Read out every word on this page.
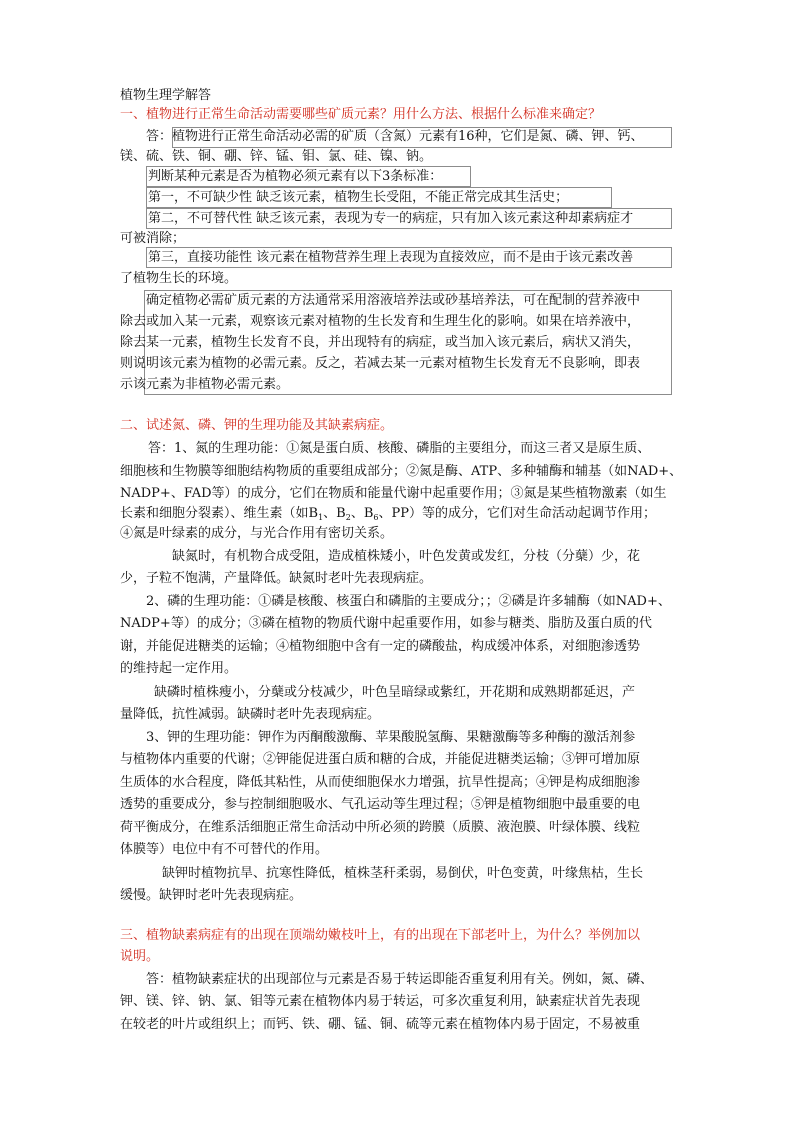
植物生理学解答
一、植物进行正常生命活动需要哪些矿质元素？用什么方法、根据什么标准来确定？
答：植物进行正常生命活动必需的矿质（含氮）元素有16种，它们是氮、磷、钾、钙、
镁、硫、铁、铜、硼、锌、锰、钼、氯、硅、镍、钠。
判断某种元素是否为植物必须元素有以下3条标准：
第一，不可缺少性 缺乏该元素，植物生长受阻，不能正常完成其生活史；
第二，不可替代性 缺乏该元素，表现为专一的病症，只有加入该元素这种却素病症才
可被消除；
第三，直接功能性 该元素在植物营养生理上表现为直接效应，而不是由于该元素改善
了植物生长的环境。
确定植物必需矿质元素的方法通常采用溶液培养法或砂基培养法，可在配制的营养液中
除去或加入某一元素，观察该元素对植物的生长发育和生理生化的影响。如果在培养液中，
除去某一元素，植物生长发育不良，并出现特有的病症，或当加入该元素后，病状又消失，
则说明该元素为植物的必需元素。反之，若减去某一元素对植物生长发育无不良影响，即表
示该元素为非植物必需元素。
二、试述氮、磷、钾的生理功能及其缺素病症。
答：1、氮的生理功能：①氮是蛋白质、核酸、磷脂的主要组分，而这三者又是原生质、
细胞核和生物膜等细胞结构物质的重要组成部分；②氮是酶、ATP、多种辅酶和辅基（如NAD+、
NADP+、FAD等）的成分，它们在物质和能量代谢中起重要作用；③氮是某些植物激素（如生
长素和细胞分裂素）、维生素（如$B_1$、$B_2$、$B_6$、PP）等的成分，它们对生命活动起调节作用；
④氮是叶绿素的成分，与光合作用有密切关系。
缺氮时，有机物合成受阻，造成植株矮小，叶色发黄或发红，分枝（分蘖）少，花
少，子粒不饱满，产量降低。缺氮时老叶先表现病症。
2、磷的生理功能：①磷是核酸、核蛋白和磷脂的主要成分；；②磷是许多辅酶（如NAD+、
NADP+等）的成分；③磷在植物的物质代谢中起重要作用，如参与糖类、脂肪及蛋白质的代
谢，并能促进糖类的运输；④植物细胞中含有一定的磷酸盐，构成缓冲体系，对细胞渗透势
的维持起一定作用。
缺磷时植株瘦小，分蘖或分枝减少，叶色呈暗绿或紫红，开花期和成熟期都延迟，产
量降低，抗性减弱。缺磷时老叶先表现病症。
3、钾的生理功能：钾作为丙酮酸激酶、苹果酸脱氢酶、果糖激酶等多种酶的激活剂参
与植物体内重要的代谢；②钾能促进蛋白质和糖的合成，并能促进糖类运输；③钾可增加原
生质体的水合程度，降低其粘性，从而使细胞保水力增强，抗旱性提高；④钾是构成细胞渗
透势的重要成分，参与控制细胞吸水、气孔运动等生理过程；⑤钾是植物细胞中最重要的电
荷平衡成分，在维系活细胞正常生命活动中所必须的跨膜（质膜、液泡膜、叶绿体膜、线粒
体膜等）电位中有不可替代的作用。
缺钾时植物抗旱、抗寒性降低，植株茎秆柔弱，易倒伏，叶色变黄，叶缘焦枯，生长
缓慢。缺钾时老叶先表现病症。
三、植物缺素病症有的出现在顶端幼嫩枝叶上，有的出现在下部老叶上，为什么？举例加以
说明。
答：植物缺素症状的出现部位与元素是否易于转运即能否重复利用有关。例如，氮、磷、
钾、镁、锌、钠、氯、钼等元素在植物体内易于转运，可多次重复利用，缺素症状首先表现
在较老的叶片或组织上；而钙、铁、硼、锰、铜、硫等元素在植物体内易于固定，不易被重
